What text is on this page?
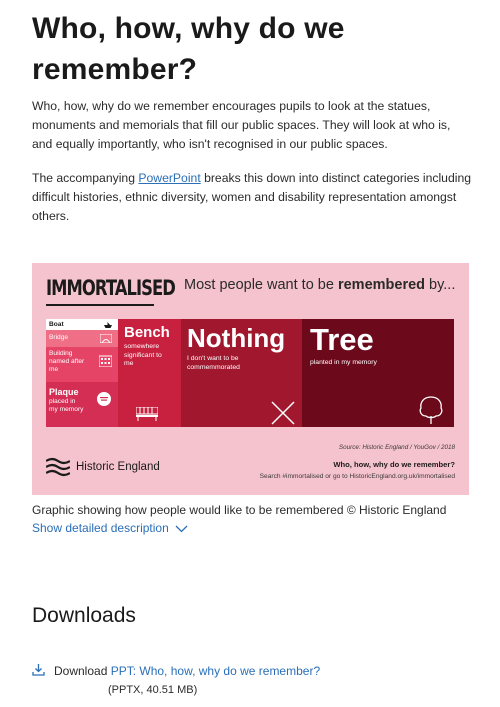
Who, how, why do we remember?

Who, how, why do we remember encourages pupils to look at the statues, monuments and memorials that fill our public spaces. They will look at who is, and equally importantly, who isn't recognised in our public spaces.

The accompanying PowerPoint breaks this down into distinct categories including difficult histories, ethnic diversity, women and disability representation amongst others.

IMMORTALISED Most people want to be remembered by...
Boat
Bridge
Building named after me
Plaque
placed in my memory
Bench
somewhere significant to me
Nothing
I don't want to be commemmorated
Tree
planted in my memory
Source: Historic England / YouGov / 2018
Historic England	Who, how, why do we remember?
Search #immortalised or go to HistoricEngland.org.uk/immortalised

Graphic showing how people would like to be remembered © Historic England

Show detailed description
Downloads
Download PPT: Who, how, why do we remember?
(PPTX, 40.51 MB)
